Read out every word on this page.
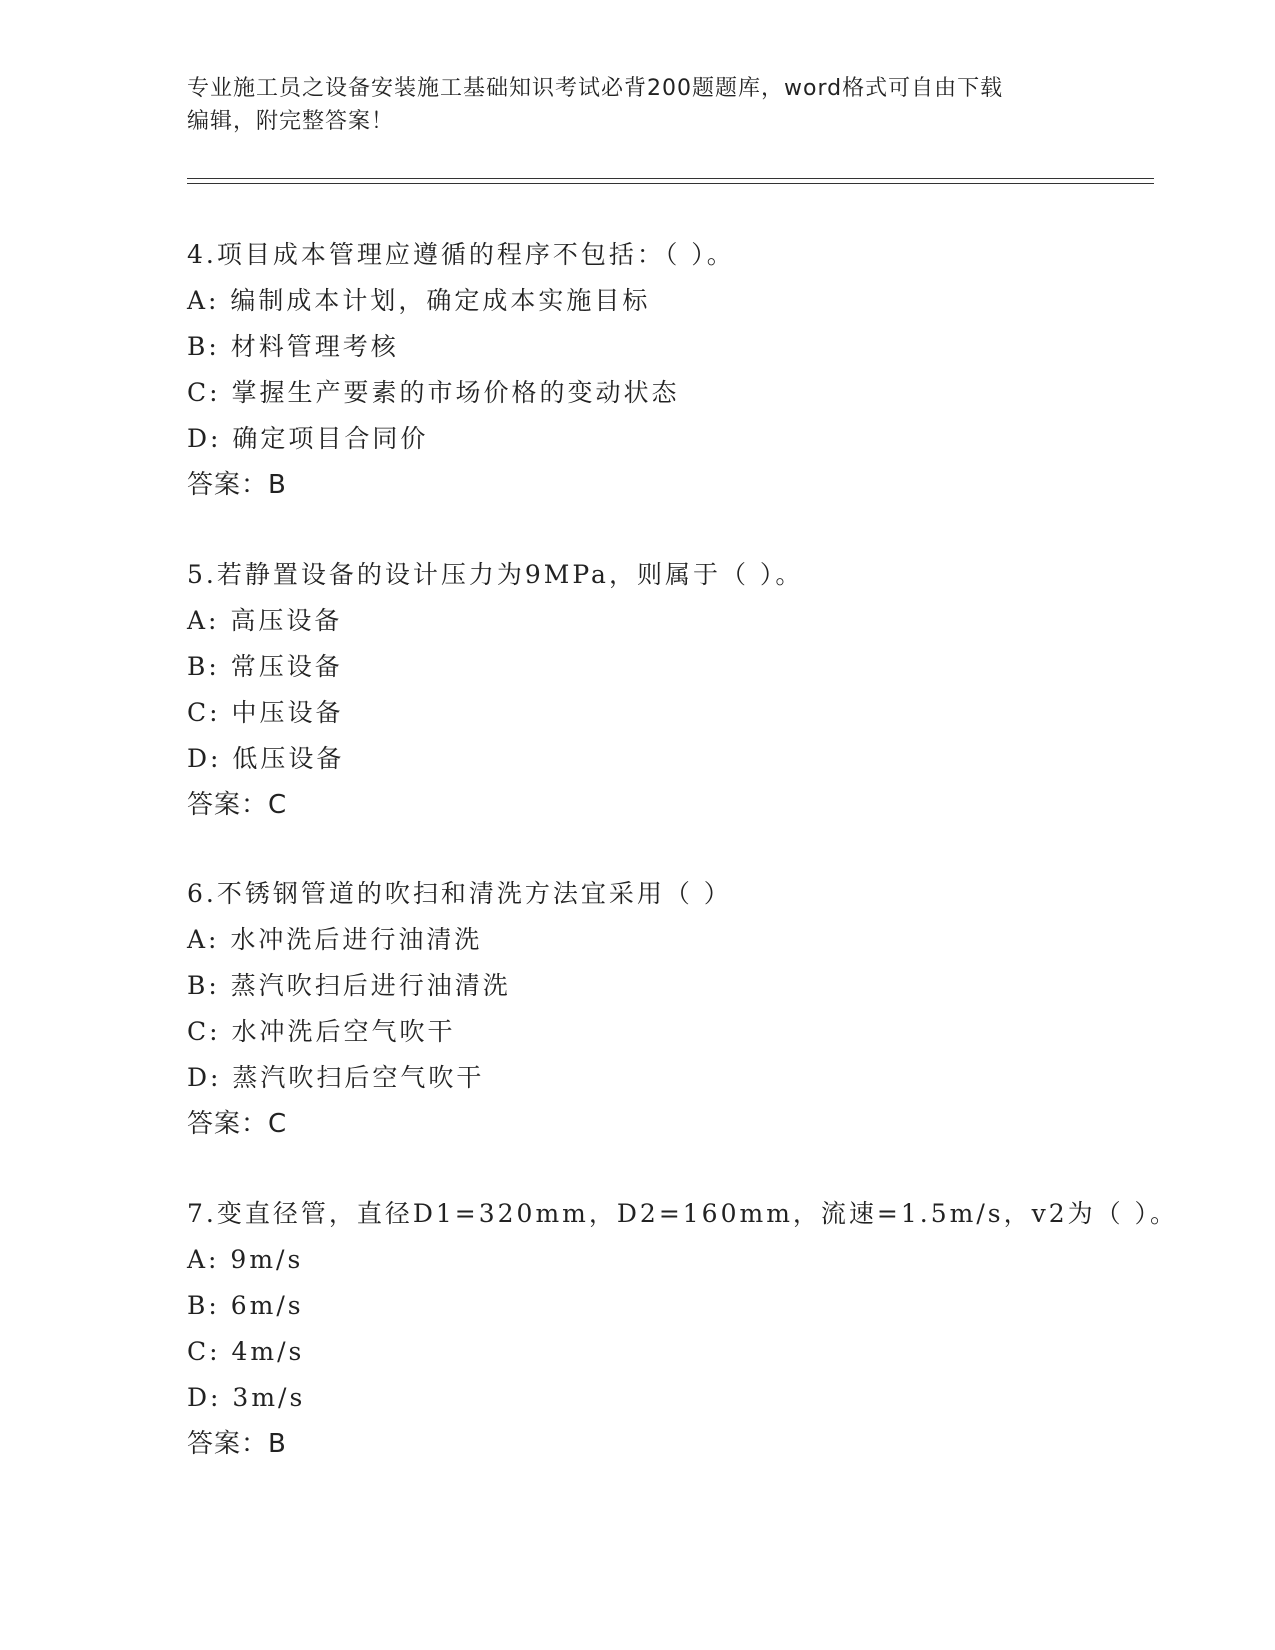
专业施工员之设备安装施工基础知识考试必背200题题库，word格式可自由下载
编辑，附完整答案！
4.项目成本管理应遵循的程序不包括：（ ）。
A: 编制成本计划，确定成本实施目标
B: 材料管理考核
C: 掌握生产要素的市场价格的变动状态
D: 确定项目合同价
答案：B
5.若静置设备的设计压力为9MPa，则属于（ ）。
A: 高压设备
B: 常压设备
C: 中压设备
D: 低压设备
答案：C
6.不锈钢管道的吹扫和清洗方法宜采用（ ）
A: 水冲洗后进行油清洗
B: 蒸汽吹扫后进行油清洗
C: 水冲洗后空气吹干
D: 蒸汽吹扫后空气吹干
答案：C
7.变直径管，直径D1=320mm，D2=160mm，流速=1.5m/s，v2为（ ）。
A: 9m/s
B: 6m/s
C: 4m/s
D: 3m/s
答案：B
